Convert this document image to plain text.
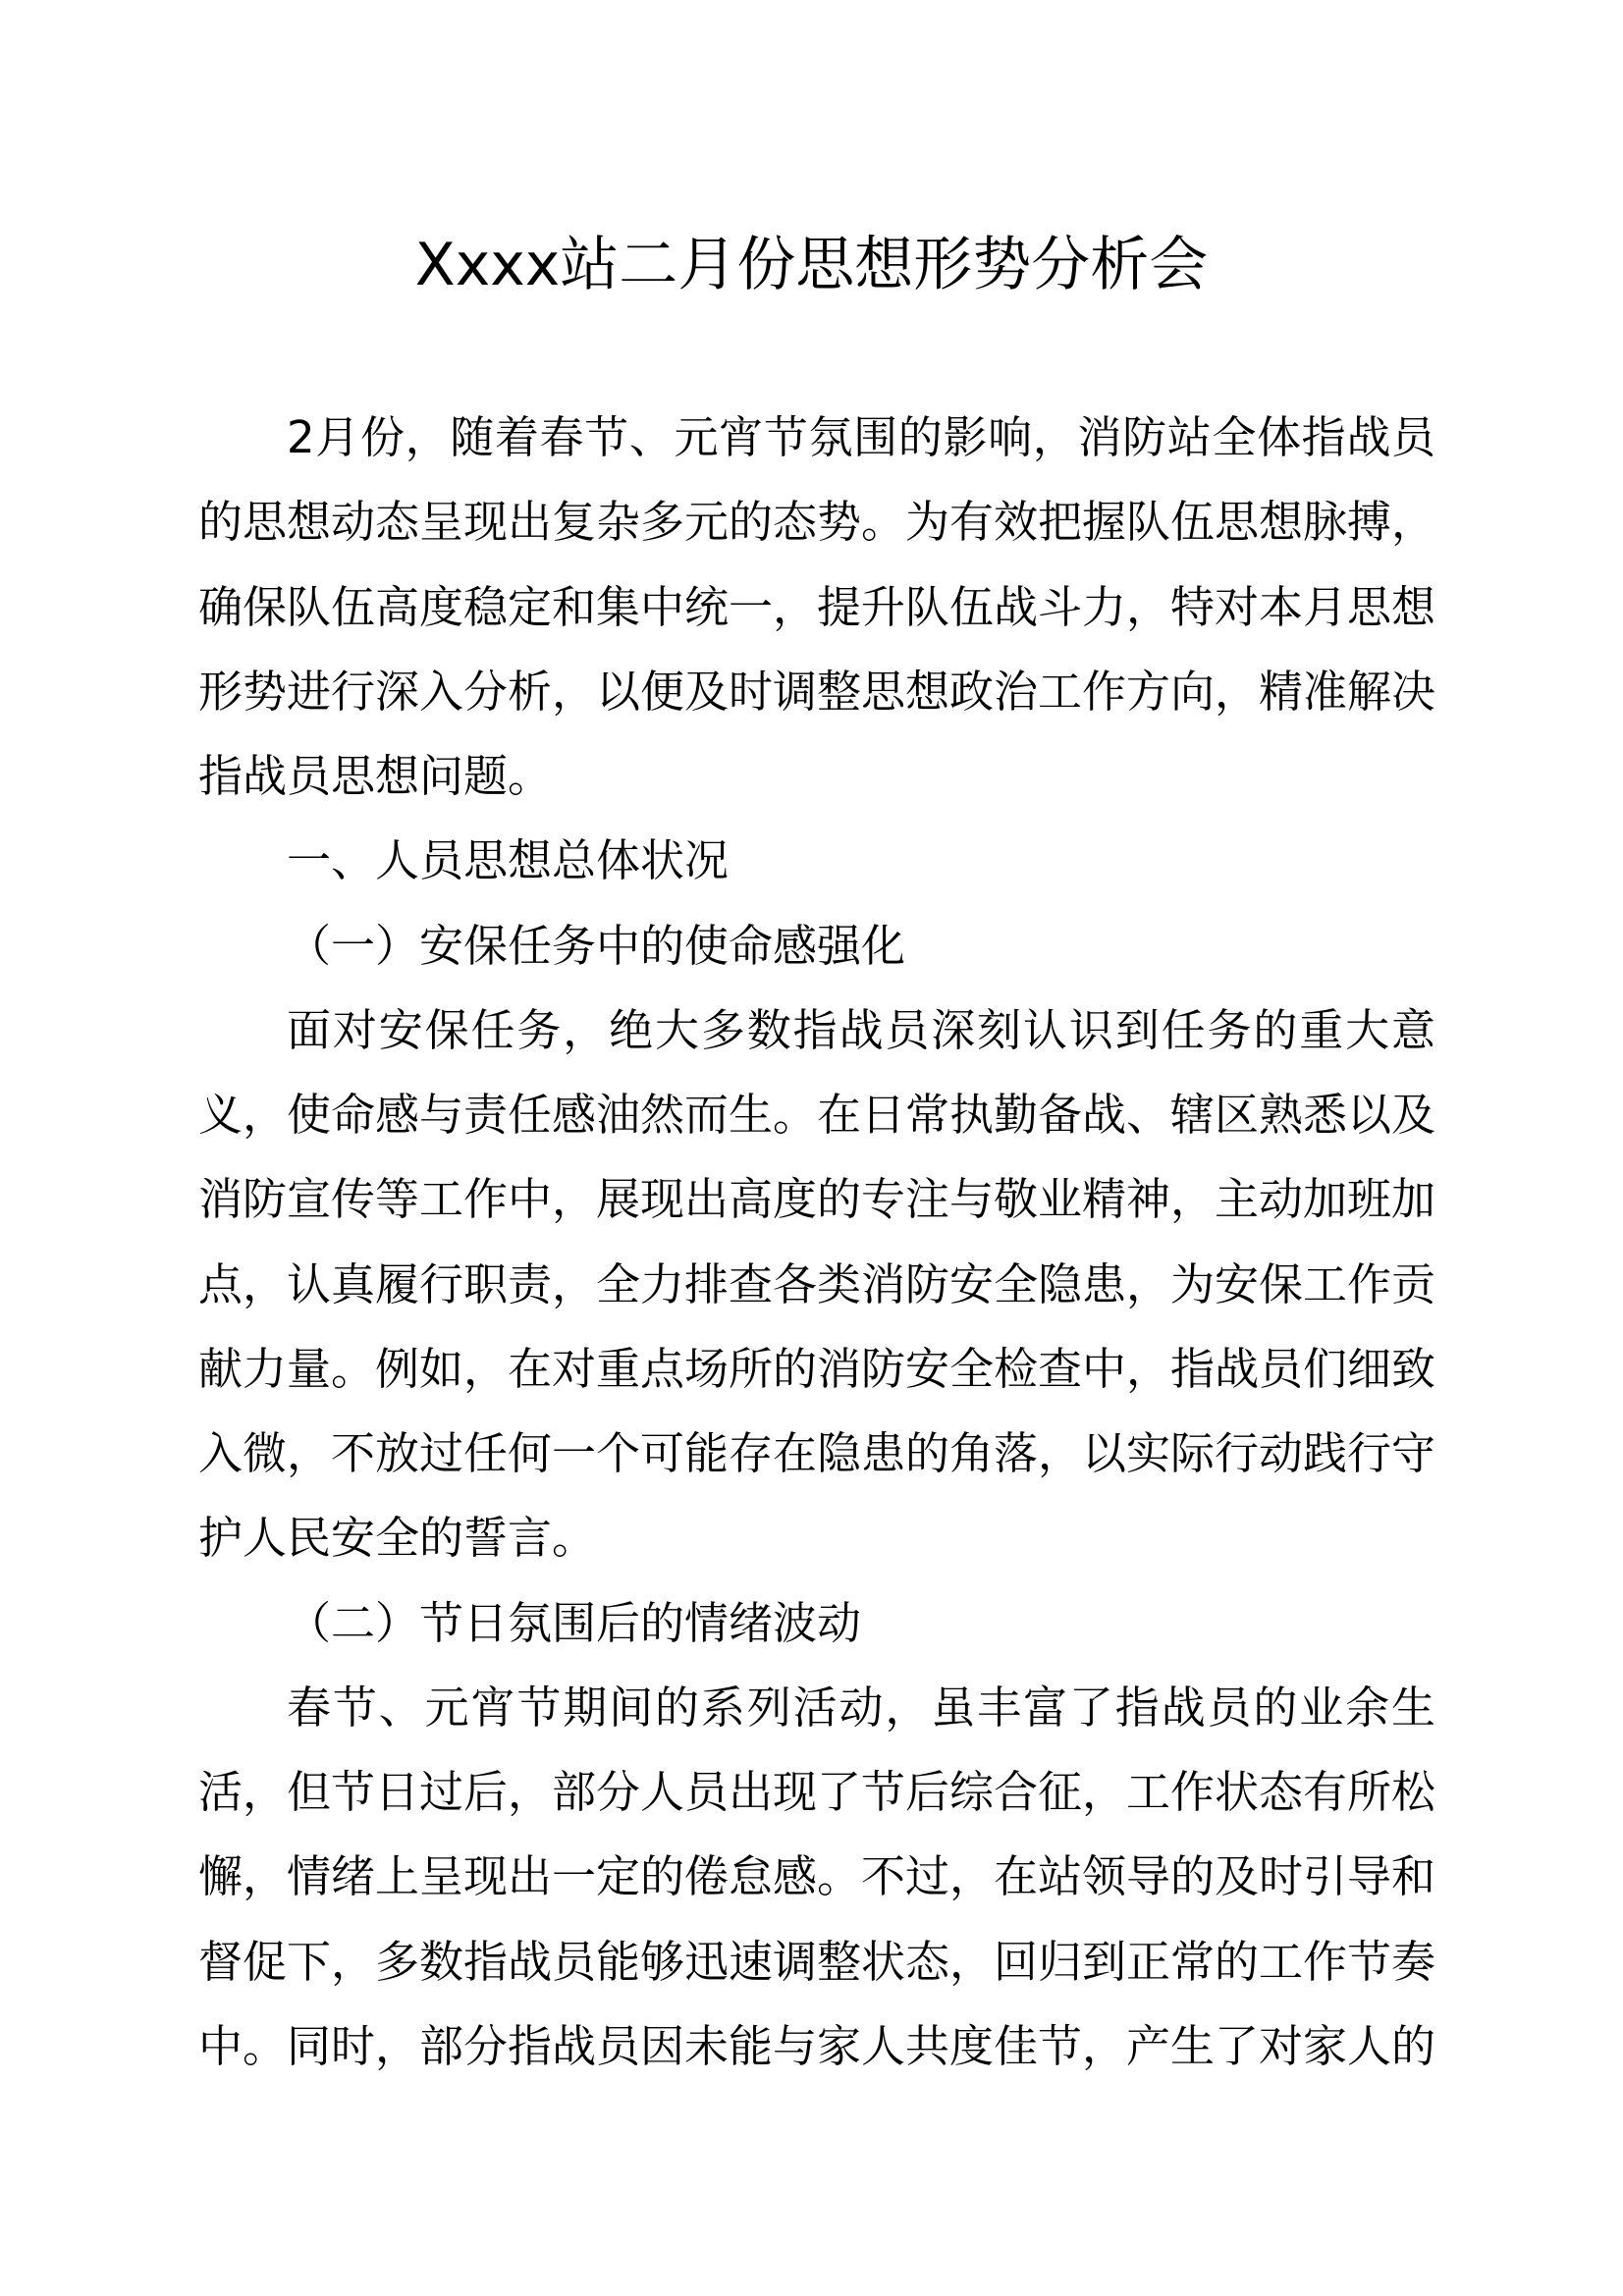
Xxxx站二月份思想形势分析会
2月份，随着春节、元宵节氛围的影响，消防站全体指战员
的思想动态呈现出复杂多元的态势。为有效把握队伍思想脉搏，
确保队伍高度稳定和集中统一，提升队伍战斗力，特对本月思想
形势进行深入分析，以便及时调整思想政治工作方向，精准解决
指战员思想问题。
一、人员思想总体状况
（一）安保任务中的使命感强化
面对安保任务，绝大多数指战员深刻认识到任务的重大意
义，使命感与责任感油然而生。在日常执勤备战、辖区熟悉以及
消防宣传等工作中，展现出高度的专注与敬业精神，主动加班加
点，认真履行职责，全力排查各类消防安全隐患，为安保工作贡
献力量。例如，在对重点场所的消防安全检查中，指战员们细致
入微，不放过任何一个可能存在隐患的角落，以实际行动践行守
护人民安全的誓言。
（二）节日氛围后的情绪波动
春节、元宵节期间的系列活动，虽丰富了指战员的业余生
活，但节日过后，部分人员出现了节后综合征，工作状态有所松
懈，情绪上呈现出一定的倦怠感。不过，在站领导的及时引导和
督促下，多数指战员能够迅速调整状态，回归到正常的工作节奏
中。同时，部分指战员因未能与家人共度佳节，产生了对家人的
